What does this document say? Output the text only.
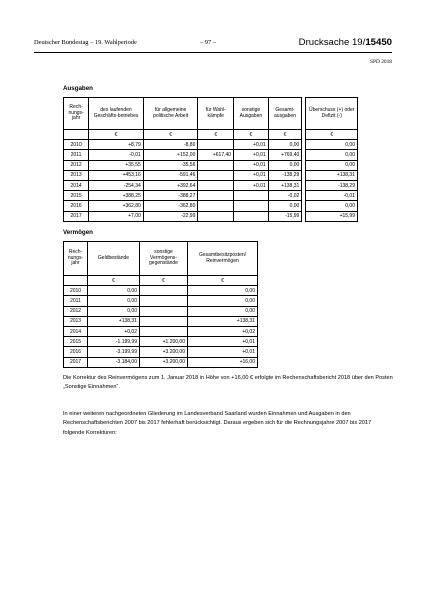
Deutscher Bundestag – 19. Wahlperiode	– 97 –	Drucksache 19/15450
SPD 2018
Ausgaben
Rech-nungs-jahr	des laufenden Geschäfts-betriebes	für allgemeine politische Arbeit	für Wahl-kämpfe	sonstige Ausgaben	Gesamt-ausgaben		Überschuss (+) oder Defizit (-)
	€	€	€	€	€		€
2010	+8,79	-8,80		+0,01	0,00		0,00
2011	-0,01	+152,00	+617,40	+0,01	+769,40		0,00
2012	+35,55	-35,56		+0,01	0,00		0,00
2013	+453,16	-591,46		+0,01	-138,29		+138,31
2014	-254,34	+392,64		+0,01	+138,31		-138,29
2015	+388,25	-388,27			-0,02		-0,01
2016	+362,80	-362,80			0,00		0,00
2017	+7,00	-22,99			-15,99		+15,99
Vermögen
Rech-nungs-jahr	Geldbestände	sonstige Vermögens-gegenstände	Gesamtbesitzposten/ Reinvermögen
	€	€	€
2010	0,00		0,00
2011	0,00		0,00
2012	0,00		0,00
2013	+138,31		+138,31
2014	+0,02		+0,02
2015	-1.199,99	+1.200,00	+0,01
2016	-3.199,99	+3.200,00	+0,01
2017	-3.184,00	+3.200,00	+16,00

Die Korrektur des Reinvermögens zum 1. Januar 2018 in Höhe von +16,00 € erfolgte im Rechenschaftsbericht 2018 über den Posten „Sonstige Einnahmen“.

In einer weiteren nachgeordneten Gliederung im Landesverband Saarland wurden Einnahmen und Ausgaben in den Rechenschaftsberichten 2007 bis 2017 fehlerhaft berücksichtigt. Daraus ergeben sich für die Rechnungsjahre 2007 bis 2017 folgende Korrekturen:
